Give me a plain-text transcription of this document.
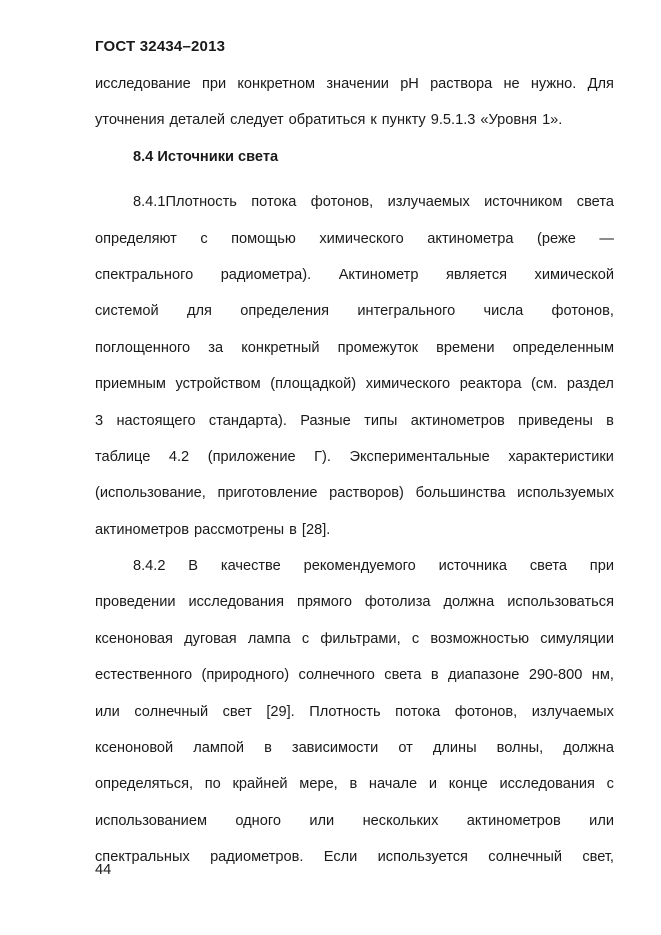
ГОСТ 32434–2013
исследование при конкретном значении pH раствора не нужно. Для
уточнения деталей следует обратиться к пункту 9.5.1.3 «Уровня 1».
8.4 Источники света
8.4.1Плотность потока фотонов, излучаемых источником света
определяют с помощью химического актинометра (реже —
спектрального радиометра). Актинометр является химической
системой для определения интегрального числа фотонов,
поглощенного за конкретный промежуток времени определенным
приемным устройством (площадкой) химического реактора (см. раздел
3 настоящего стандарта). Разные типы актинометров приведены в
таблице 4.2 (приложение Г). Экспериментальные характеристики
(использование, приготовление растворов) большинства используемых
актинометров рассмотрены в [28].
8.4.2 В качестве рекомендуемого источника света при
проведении исследования прямого фотолиза должна использоваться
ксеноновая дуговая лампа с фильтрами, с возможностью симуляции
естественного (природного) солнечного света в диапазоне 290-800 нм,
или солнечный свет [29]. Плотность потока фотонов, излучаемых
ксеноновой лампой в зависимости от длины волны, должна
определяться, по крайней мере, в начале и конце исследования с
использованием одного или нескольких актинометров или
спектральных радиометров. Если используется солнечный свет,
44
